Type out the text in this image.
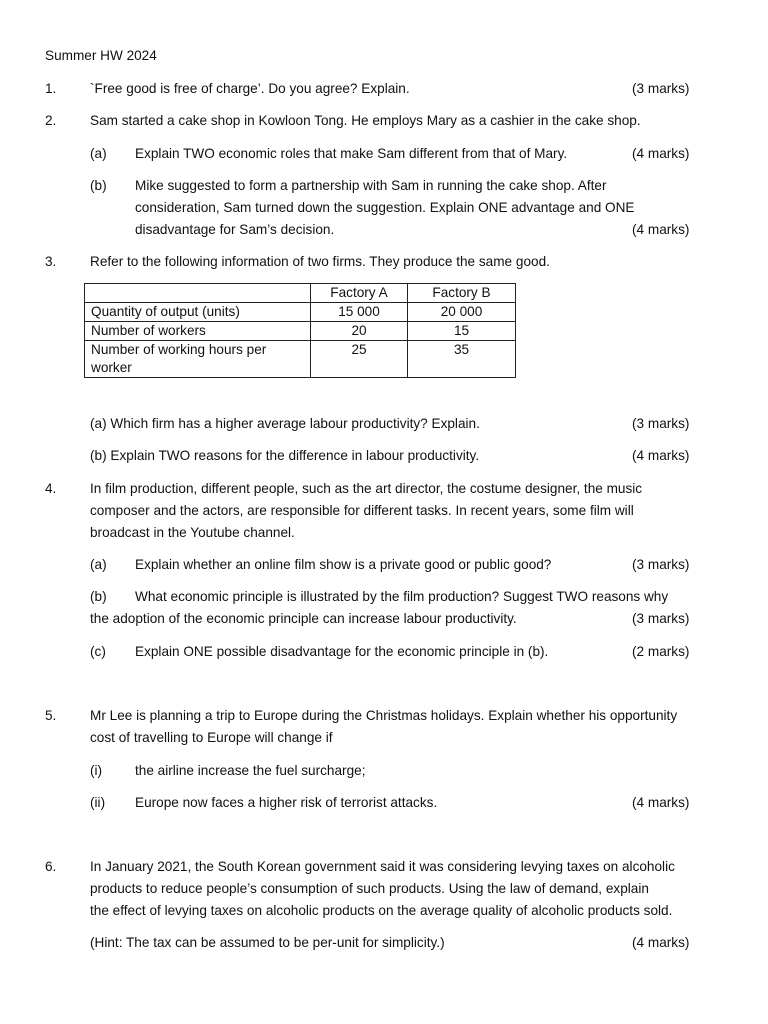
Summer HW 2024
1. `Free good is free of charge’. Do you agree? Explain.	(3 marks)
2. Sam started a cake shop in Kowloon Tong. He employs Mary as a cashier in the cake shop.
(a) Explain TWO economic roles that make Sam different from that of Mary.	(4 marks)
(b) Mike suggested to form a partnership with Sam in running the cake shop. After
consideration, Sam turned down the suggestion. Explain ONE advantage and ONE
disadvantage for Sam’s decision.	(4 marks)
3. Refer to the following information of two firms. They produce the same good.
	Factory A	Factory B
Quantity of output (units)	15 000	20 000
Number of workers	20	15
Number of working hours per worker	25	35
(a) Which firm has a higher average labour productivity? Explain.	(3 marks)
(b) Explain TWO reasons for the difference in labour productivity.	(4 marks)
4. In film production, different people, such as the art director, the costume designer, the music
composer and the actors, are responsible for different tasks. In recent years, some film will
broadcast in the Youtube channel.
(a) Explain whether an online film show is a private good or public good?	(3 marks)
(b) What economic principle is illustrated by the film production? Suggest TWO reasons why
the adoption of the economic principle can increase labour productivity.	(3 marks)
(c) Explain ONE possible disadvantage for the economic principle in (b).	(2 marks)
5. Mr Lee is planning a trip to Europe during the Christmas holidays. Explain whether his opportunity
cost of travelling to Europe will change if
(i) the airline increase the fuel surcharge;
(ii) Europe now faces a higher risk of terrorist attacks.	(4 marks)
6. In January 2021, the South Korean government said it was considering levying taxes on alcoholic
products to reduce people’s consumption of such products. Using the law of demand, explain
the effect of levying taxes on alcoholic products on the average quality of alcoholic products sold.
(Hint: The tax can be assumed to be per-unit for simplicity.)	(4 marks)
